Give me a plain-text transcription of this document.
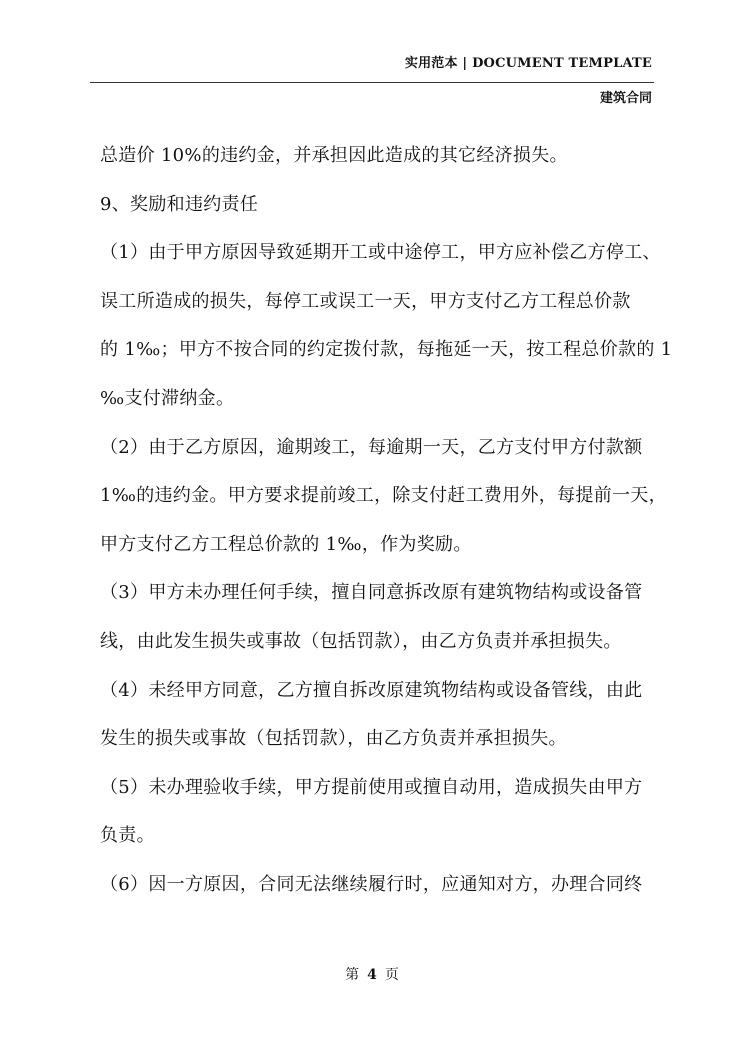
实用范本 | DOCUMENT TEMPLATE
建筑合同

总造价 10%的违约金，并承担因此造成的其它经济损失。

9、奖励和违约责任

（1）由于甲方原因导致延期开工或中途停工，甲方应补偿乙方停工、

误工所造成的损失，每停工或误工一天，甲方支付乙方工程总价款

的 1‰；甲方不按合同的约定拨付款，每拖延一天，按工程总价款的 1

‰支付滞纳金。

（2）由于乙方原因，逾期竣工，每逾期一天，乙方支付甲方付款额

1‰的违约金。甲方要求提前竣工，除支付赶工费用外，每提前一天，

甲方支付乙方工程总价款的 1‰，作为奖励。

（3）甲方未办理任何手续，擅自同意拆改原有建筑物结构或设备管

线，由此发生损失或事故（包括罚款），由乙方负责并承担损失。

（4）未经甲方同意，乙方擅自拆改原建筑物结构或设备管线，由此

发生的损失或事故（包括罚款），由乙方负责并承担损失。

（5）未办理验收手续，甲方提前使用或擅自动用，造成损失由甲方

负责。

（6）因一方原因，合同无法继续履行时，应通知对方，办理合同终

第 4 页
